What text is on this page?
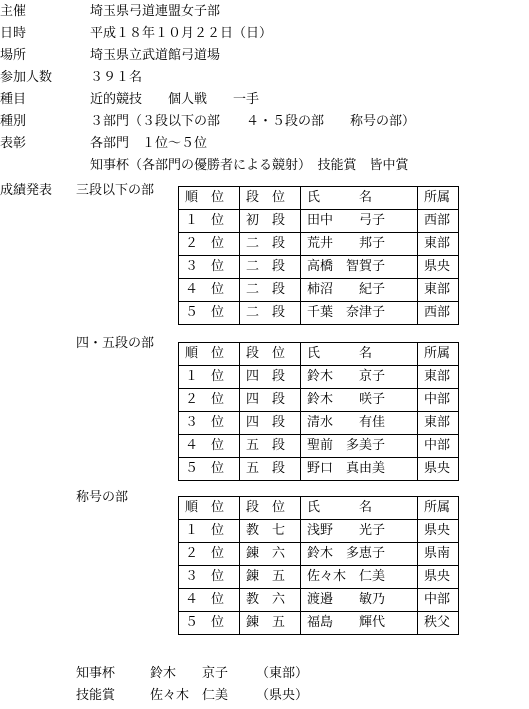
主催	埼玉県弓道連盟女子部
日時	平成１８年１０月２２日（日）
場所	埼玉県立武道館弓道場
参加人数	３９１名
種目	近的競技　　個人戦　　一手
種別	３部門（３段以下の部　　４・５段の部　　称号の部）
表彰	各部門　１位～５位
知事杯（各部門の優勝者による競射）　技能賞　皆中賞
成績発表 三段以下の部 順　位	段　位	氏　　　名	所属
１　位	初　段	田中　　弓子	西部
２　位	二　段	荒井　　邦子	東部
３　位	二　段	高橋　智賀子	県央
４　位	二　段	柿沼　　紀子	東部
５　位	二　段	千葉　奈津子	西部
四・五段の部
順　位	段　位	氏　　　名	所属
１　位	四　段	鈴木　　京子	東部
２　位	四　段	鈴木　　咲子	中部
３　位	四　段	清水　　有佳	東部
４　位	五　段	聖前　多美子	中部
５　位	五　段	野口　真由美	県央
称号の部
順　位	段　位	氏　　　名	所属
１　位	教　七	浅野　　光子	県央
２　位	錬　六	鈴木　多恵子	県南
３　位	錬　五	佐々木　仁美	県央
４　位	教　六	渡邉　　敏乃	中部
５　位	錬　五	福島　　輝代	秩父
知事杯	鈴木　　京子 （東部）
技能賞	佐々木　仁美 （県央）
